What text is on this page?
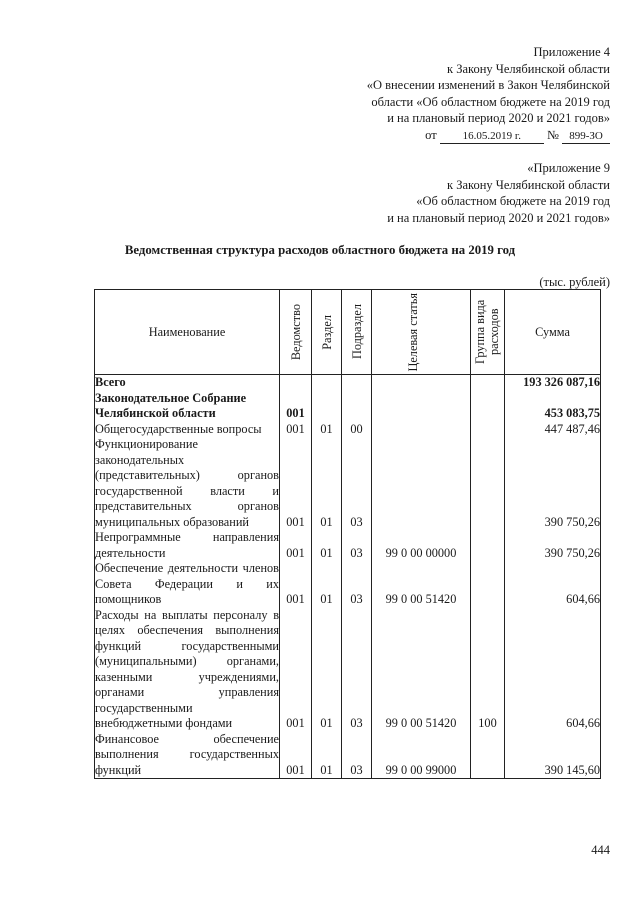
Приложение 4
к Закону Челябинской области
«О внесении изменений в Закон Челябинской
области «Об областном бюджете на 2019 год
и на плановый период 2020 и 2021 годов»
от 16.05.2019 г. № 899-ЗО
«Приложение 9
к Закону Челябинской области
«Об областном бюджете на 2019 год
и на плановый период 2020 и 2021 годов»
Ведомственная структура расходов областного бюджета на 2019 год
(тыс. рублей)
Наименование	Ведомство	Раздел	Подраздел	Целевая статья	Группа вида расходов	Сумма
Всего						193 326 087,16
Законодательное Собрание Челябинской области	001					453 083,75
Общегосударственные вопросы	001	01	00			447 487,46
Функционирование законодательных (представительных) органов государственной власти и представительных органов муниципальных образований	001	01	03			390 750,26
Непрограммные направления деятельности	001	01	03	99 0 00 00000		390 750,26
Обеспечение деятельности членов Совета Федерации и их помощников	001	01	03	99 0 00 51420		604,66
Расходы на выплаты персоналу в целях обеспечения выполнения функций государственными (муниципальными) органами, казенными учреждениями, органами управления государственными внебюджетными фондами	001	01	03	99 0 00 51420	100	604,66
Финансовое обеспечение выполнения государственных функций	001	01	03	99 0 00 99000		390 145,60
444
